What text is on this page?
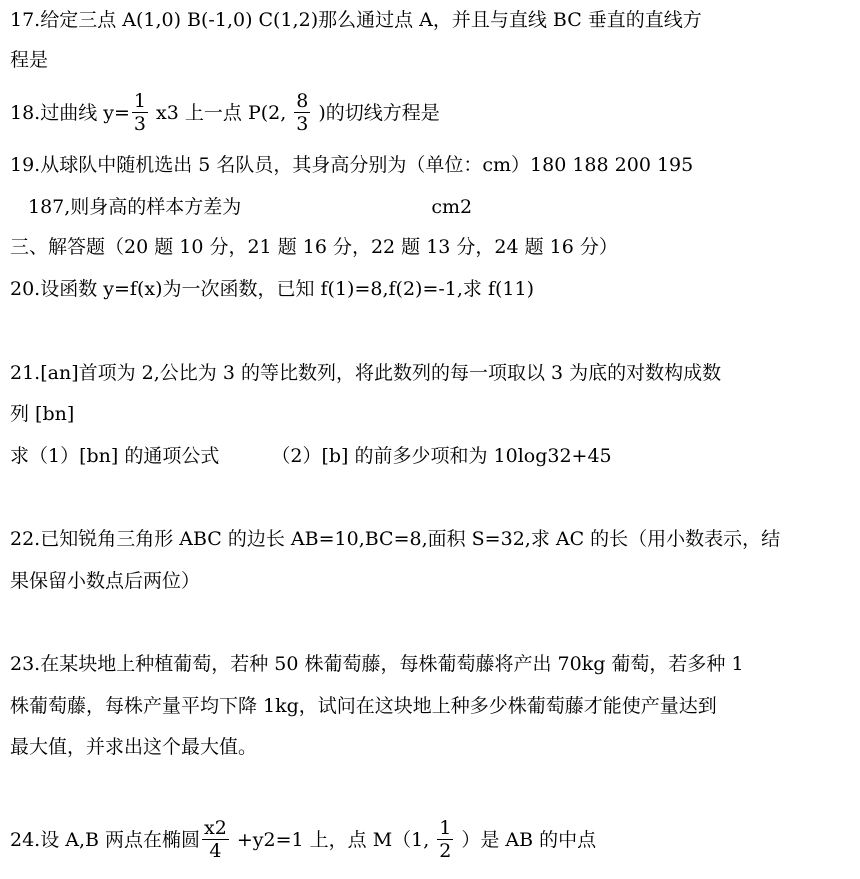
17.给定三点 A(1,0) B(-1,0) C(1,2)那么通过点 A，并且与直线 BC 垂直的直线方
程是
18.过曲线 $y= \frac{1}{3} x3$ 上一点 P(2, $\frac{8}{3}$ )的切线方程是
19.从球队中随机选出 5 名队员，其身高分别为（单位：cm）180 188 200 195
187,则身高的样本方差为	cm2
三、解答题（20 题 10 分，21 题 16 分，22 题 13 分，24 题 16 分）
20.设函数 y=f(x)为一次函数，已知 f(1)=8,f(2)=-1,求 f(11)
21.[an]首项为 2,公比为 3 的等比数列，将此数列的每一项取以 3 为底的对数构成数
列 [bn]
求（1）[bn] 的通项公式	（2）[b] 的前多少项和为 10log32+45
22.已知锐角三角形 ABC 的边长 AB=10,BC=8,面积 S=32,求 AC 的长（用小数表示，结
果保留小数点后两位）
23.在某块地上种植葡萄，若种 50 株葡萄藤，每株葡萄藤将产出 70kg 葡萄，若多种 1
株葡萄藤，每株产量平均下降 1kg，试问在这块地上种多少株葡萄藤才能使产量达到
最大值，并求出这个最大值。
24.设 A,B 两点在椭圆 $\frac{x2}{4} +y2=1$ 上，点 M（1, $\frac{1}{2}$ ）是 AB 的中点
